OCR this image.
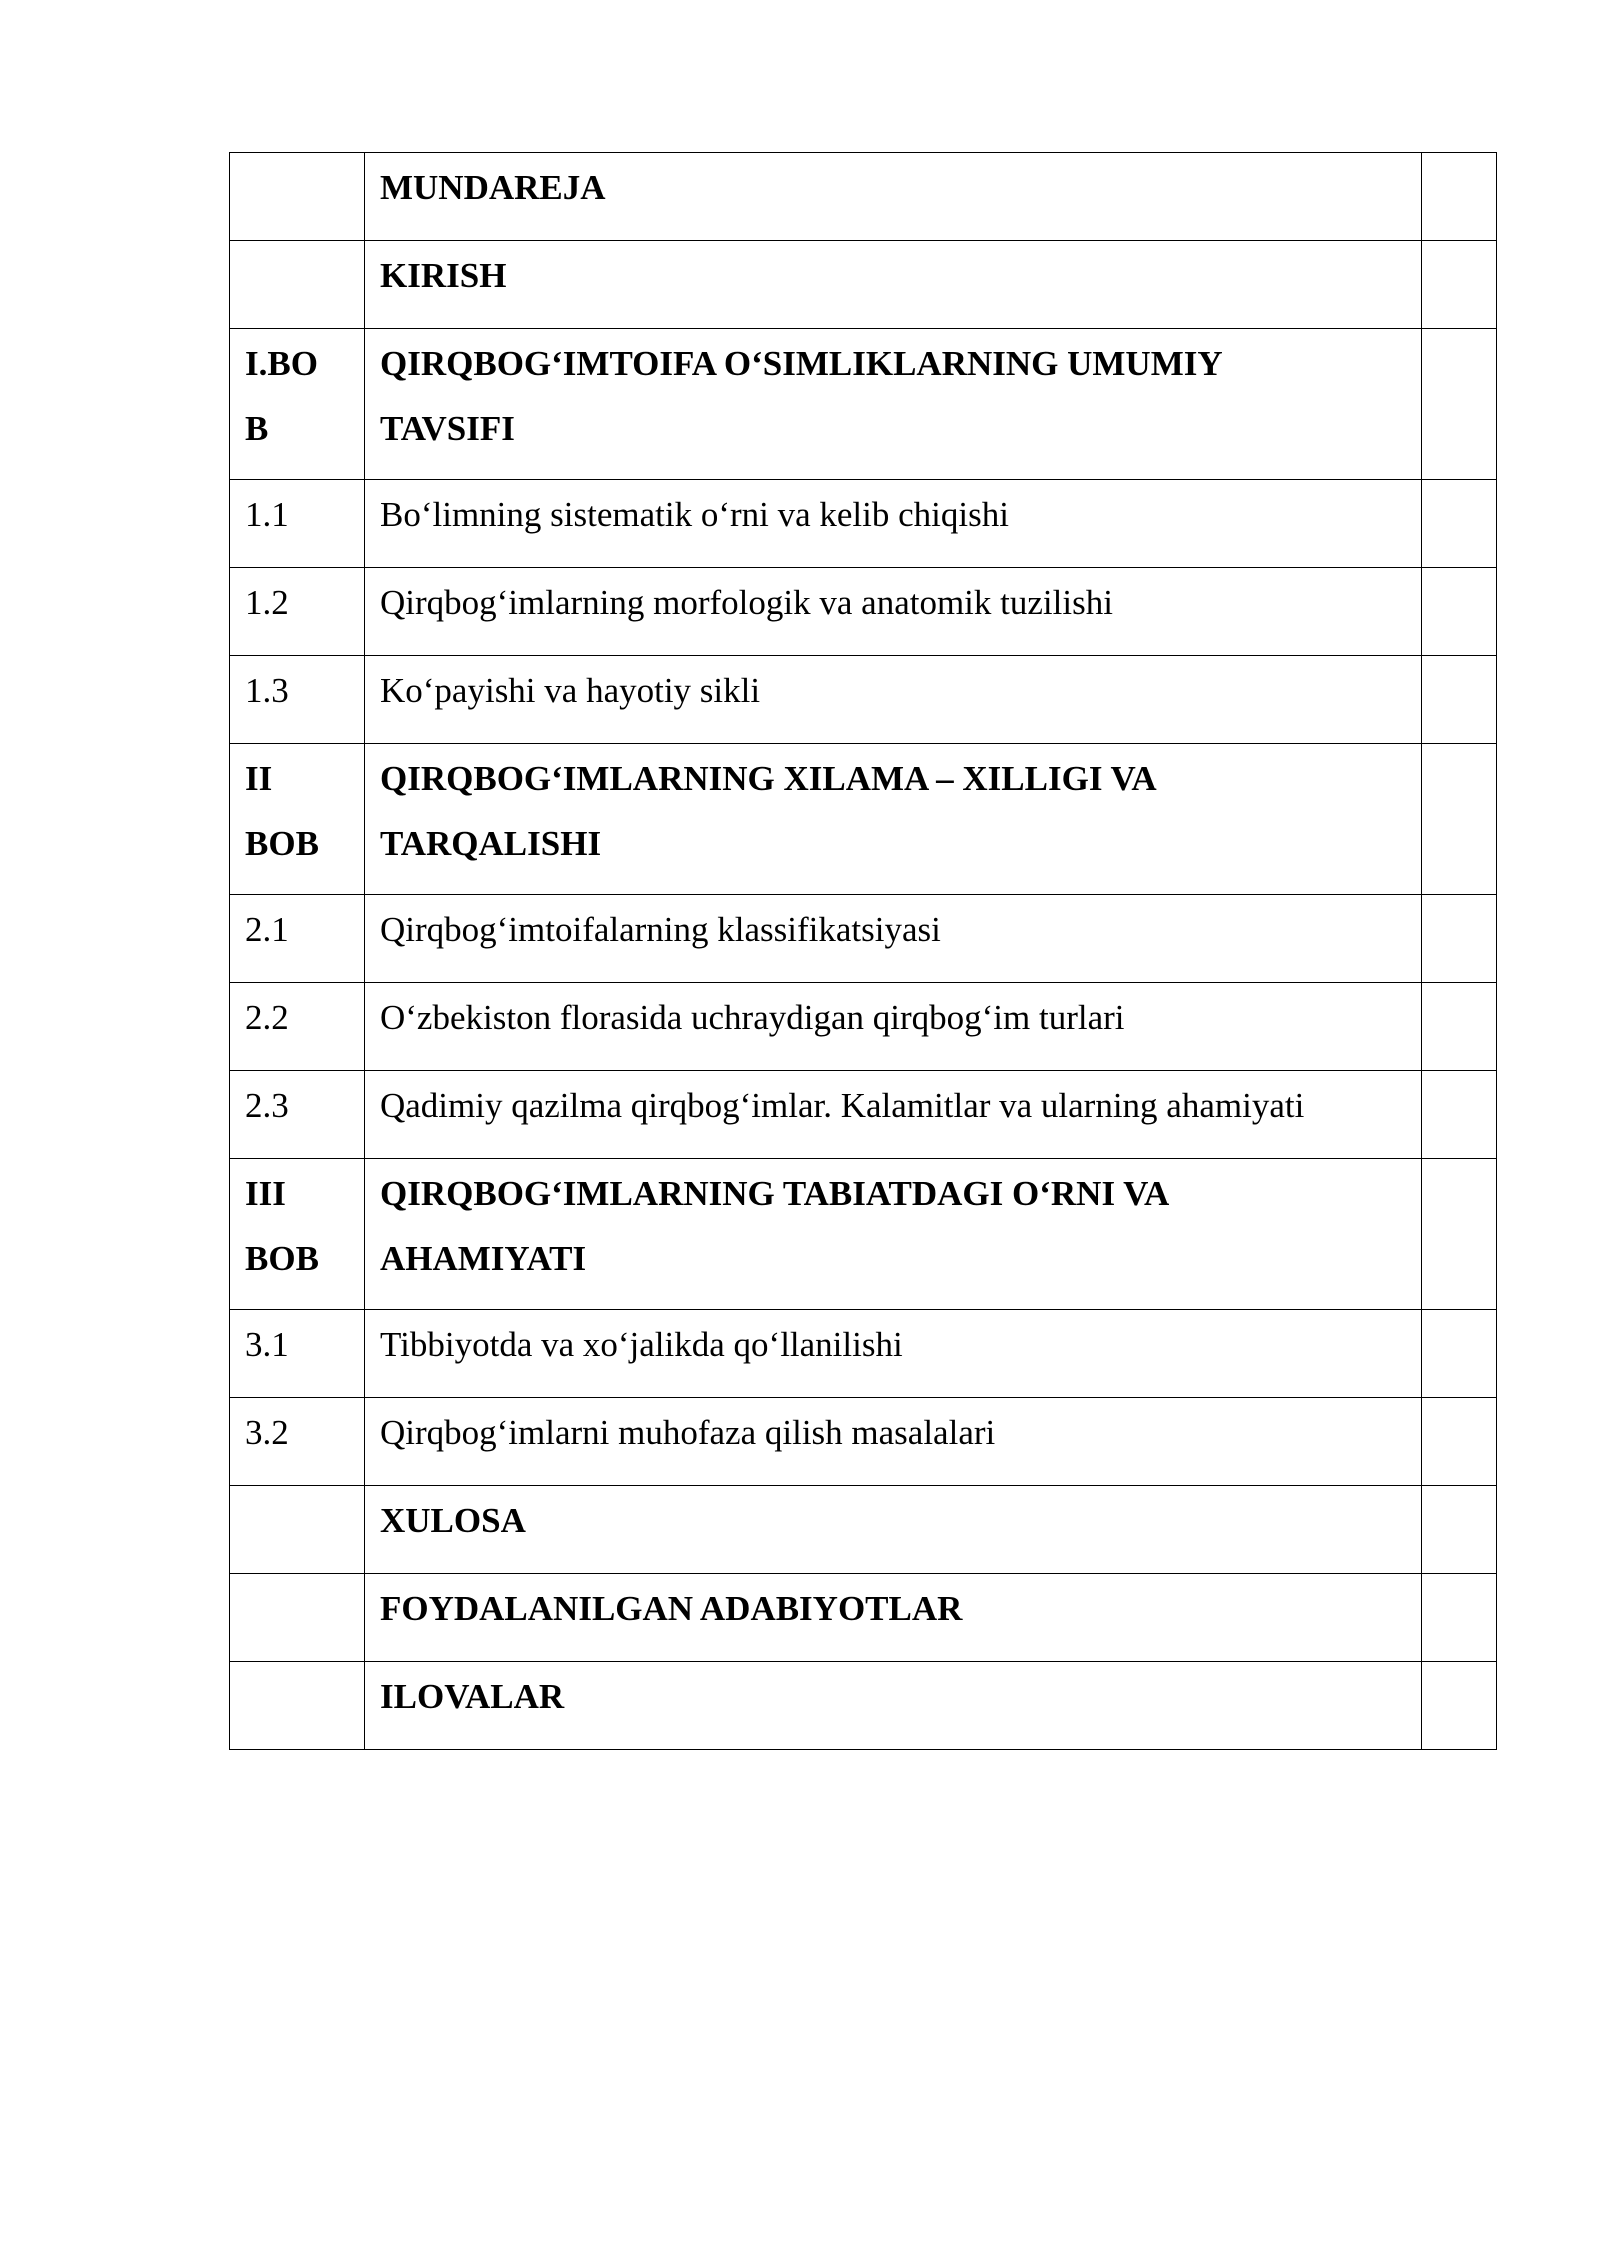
	MUNDAREJA	

	KIRISH	

I.BO B	QIRQBOG‘IMTOIFA O‘SIMLIKLARNING UMUMIY TAVSIFI	

1.1	Bo‘limning sistematik o‘rni va kelib chiqishi	

1.2	Qirqbog‘imlarning morfologik va anatomik tuzilishi	

1.3	Ko‘payishi va hayotiy sikli	

II BOB	QIRQBOG‘IMLARNING XILAMA – XILLIGI VA TARQALISHI	

2.1	Qirqbog‘imtoifalarning klassifikatsiyasi	

2.2	O‘zbekiston florasida uchraydigan qirqbog‘im turlari	

2.3	Qadimiy qazilma qirqbog‘imlar. Kalamitlar va ularning ahamiyati	

III BOB	QIRQBOG‘IMLARNING TABIATDAGI O‘RNI VA AHAMIYATI	

3.1	Tibbiyotda va xo‘jalikda qo‘llanilishi	

3.2	Qirqbog‘imlarni muhofaza qilish masalalari	

	XULOSA	

	FOYDALANILGAN ADABIYOTLAR	

	ILOVALAR	
